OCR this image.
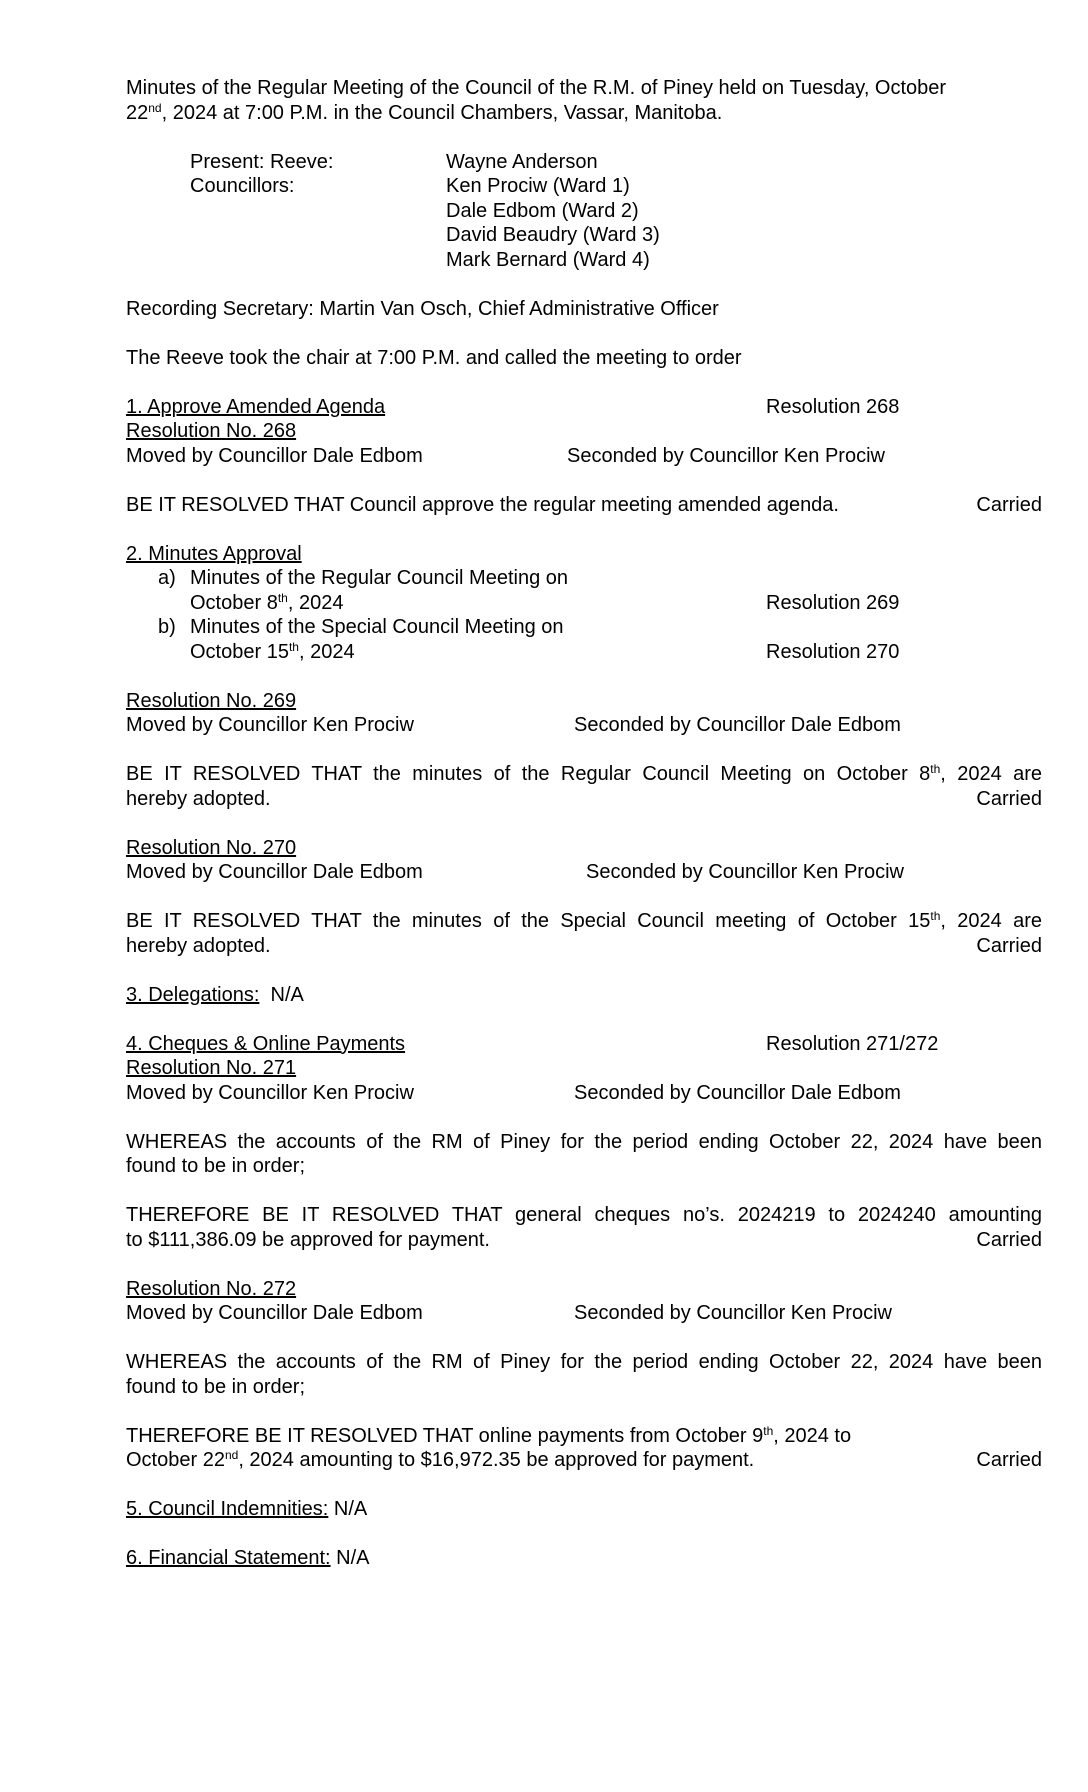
Minutes of the Regular Meeting of the Council of the R.M. of Piney held on Tuesday, October

22nd, 2024 at 7:00 P.M. in the Council Chambers, Vassar, Manitoba.

Present: Reeve:	Wayne Anderson
Councillors:	Ken Prociw (Ward 1)
Dale Edbom (Ward 2)
David Beaudry (Ward 3)
Mark Bernard (Ward 4)

Recording Secretary: Martin Van Osch, Chief Administrative Officer

The Reeve took the chair at 7:00 P.M. and called the meeting to order

1. Approve Amended Agenda	Resolution 268

Resolution No. 268

Moved by Councillor Dale Edbom	Seconded by Councillor Ken Prociw
BE IT RESOLVED THAT Council approve the regular meeting amended agenda.	Carried

2. Minutes Approval

a) Minutes of the Regular Council Meeting on
October 8th, 2024	Resolution 269
b) Minutes of the Special Council Meeting on
October 15th, 2024	Resolution 270

Resolution No. 269

Moved by Councillor Ken Prociw	Seconded by Councillor Dale Edbom

BE IT RESOLVED THAT the minutes of the Regular Council Meeting on October 8th, 2024 are

hereby adopted.	Carried

Resolution No. 270

Moved by Councillor Dale Edbom	Seconded by Councillor Ken Prociw

BE IT RESOLVED THAT the minutes of the Special Council meeting of October 15th, 2024 are

hereby adopted.	Carried

3. Delegations: N/A

4. Cheques & Online Payments	Resolution 271/272

Resolution No. 271

Moved by Councillor Ken Prociw	Seconded by Councillor Dale Edbom

WHEREAS the accounts of the RM of Piney for the period ending October 22, 2024 have been

found to be in order;

THEREFORE BE IT RESOLVED THAT general cheques no’s. 2024219 to 2024240 amounting

to $111,386.09 be approved for payment.	Carried

Resolution No. 272

Moved by Councillor Dale Edbom	Seconded by Councillor Ken Prociw

WHEREAS the accounts of the RM of Piney for the period ending October 22, 2024 have been

found to be in order;

THEREFORE BE IT RESOLVED THAT online payments from October 9th, 2024 to

October 22nd, 2024 amounting to $16,972.35 be approved for payment.	Carried

5. Council Indemnities: N/A

6. Financial Statement: N/A
